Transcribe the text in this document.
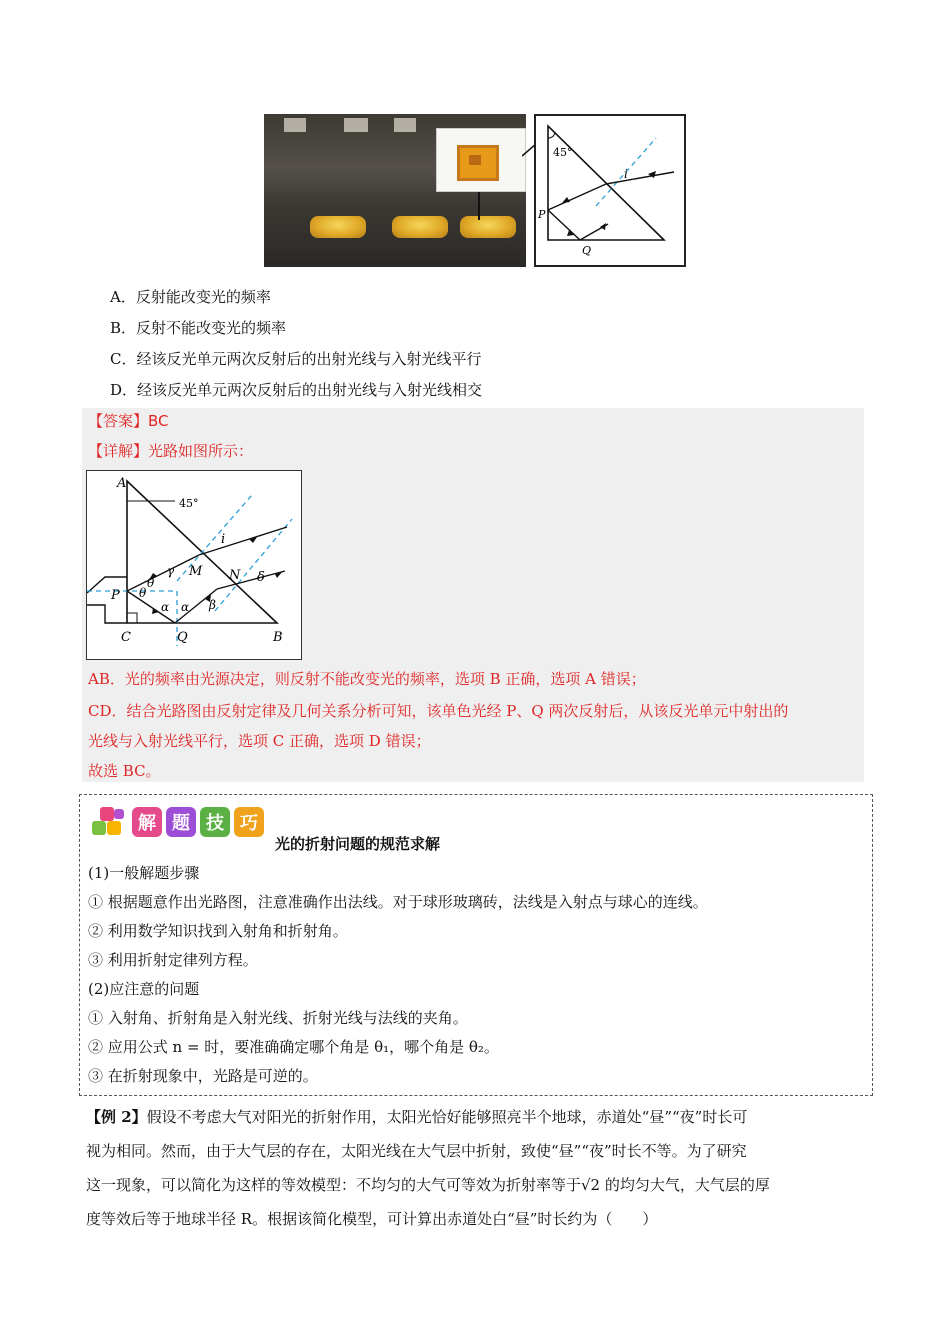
45°
i
P
Q
A．反射能改变光的频率
B．反射不能改变光的频率
C．经该反光单元两次反射后的出射光线与入射光线平行
D．经该反光单元两次反射后的出射光线与入射光线相交
【答案】BC
【详解】光路如图所示：
A
45°
i
M N δ
θ
γ
P θ
α α β
C	Q	B
AB．光的频率由光源决定，则反射不能改变光的频率，选项 B 正确，选项 A 错误；
CD．结合光路图由反射定律及几何关系分析可知，该单色光经 P、Q 两次反射后，从该反光单元中射出的
光线与入射光线平行，选项 C 正确，选项 D 错误；
故选 BC。
解 题 技 巧
光的折射问题的规范求解
(1)一般解题步骤
① 根据题意作出光路图，注意准确作出法线。对于球形玻璃砖，法线是入射点与球心的连线。
② 利用数学知识找到入射角和折射角。
③ 利用折射定律列方程。
(2)应注意的问题
① 入射角、折射角是入射光线、折射光线与法线的夹角。
② 应用公式 n = 时，要准确确定哪个角是 θ₁，哪个角是 θ₂。
③ 在折射现象中，光路是可逆的。
【例 2】假设不考虑大气对阳光的折射作用，太阳光恰好能够照亮半个地球，赤道处“昼”“夜”时长可
视为相同。然而，由于大气层的存在，太阳光线在大气层中折射，致使“昼”“夜”时长不等。为了研究
这一现象，可以简化为这样的等效模型：不均匀的大气可等效为折射率等于√2 的均匀大气，大气层的厚
度等效后等于地球半径 R。根据该简化模型，可计算出赤道处白“昼”时长约为（　　）
